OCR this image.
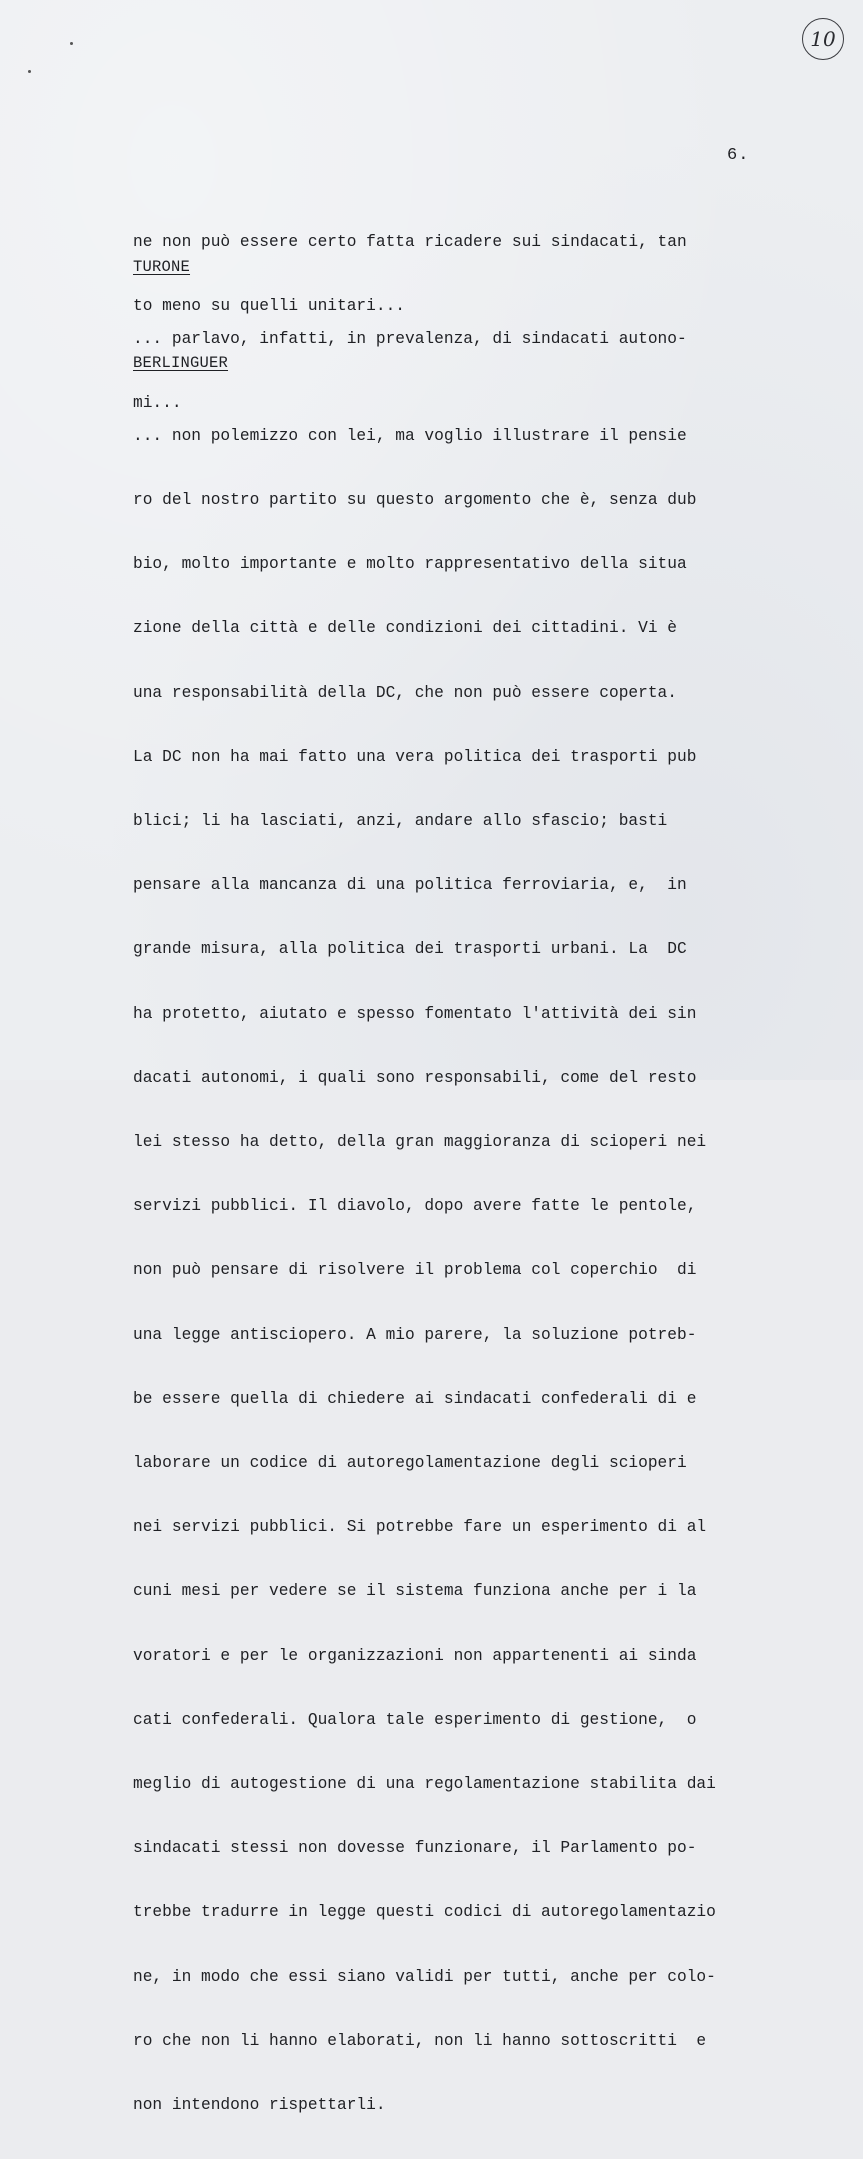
10
6.

ne non può essere certo fatta ricadere sui sindacati, tan

to meno su quelli unitari...

TURONE

... parlavo, infatti, in prevalenza, di sindacati autono-

mi...

BERLINGUER

... non polemizzo con lei, ma voglio illustrare il pensie

ro del nostro partito su questo argomento che è, senza dub

bio, molto importante e molto rappresentativo della situa

zione della città e delle condizioni dei cittadini. Vi è

una responsabilità della DC, che non può essere coperta.

La DC non ha mai fatto una vera politica dei trasporti pub

blici; li ha lasciati, anzi, andare allo sfascio; basti

pensare alla mancanza di una politica ferroviaria, e,  in

grande misura, alla politica dei trasporti urbani. La  DC

ha protetto, aiutato e spesso fomentato l'attività dei sin

dacati autonomi, i quali sono responsabili, come del resto

lei stesso ha detto, della gran maggioranza di scioperi nei

servizi pubblici. Il diavolo, dopo avere fatte le pentole,

non può pensare di risolvere il problema col coperchio  di

una legge antisciopero. A mio parere, la soluzione potreb-

be essere quella di chiedere ai sindacati confederali di e

laborare un codice di autoregolamentazione degli scioperi

nei servizi pubblici. Si potrebbe fare un esperimento di al

cuni mesi per vedere se il sistema funziona anche per i la

voratori e per le organizzazioni non appartenenti ai sinda

cati confederali. Qualora tale esperimento di gestione,  o

meglio di autogestione di una regolamentazione stabilita dai

sindacati stessi non dovesse funzionare, il Parlamento po-

trebbe tradurre in legge questi codici di autoregolamentazio

ne, in modo che essi siano validi per tutti, anche per colo-

ro che non li hanno elaborati, non li hanno sottoscritti  e

non intendono rispettarli.
